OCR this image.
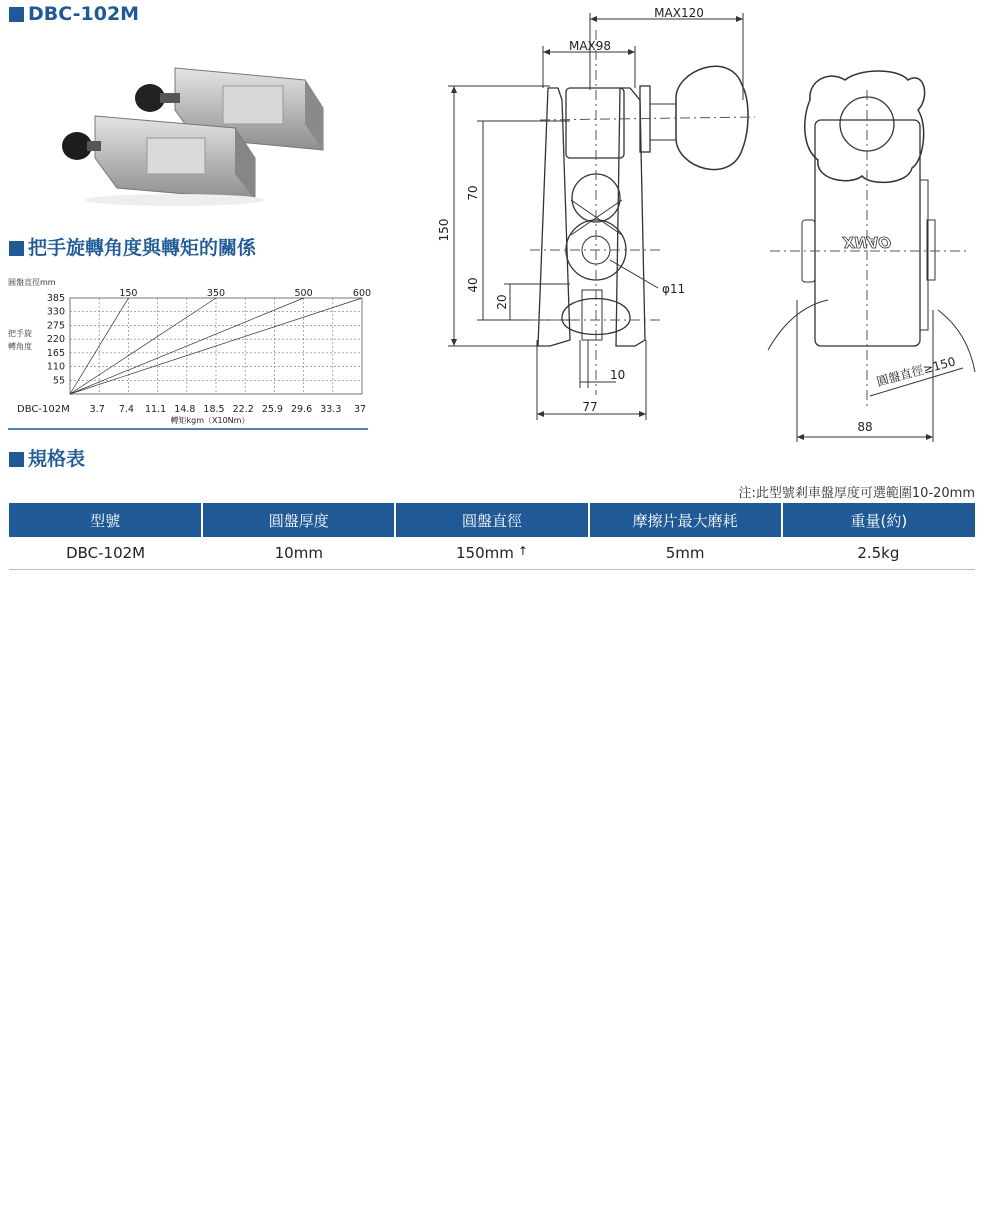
DBC-102M
把手旋轉角度與轉矩的關係
圓盤直徑mm
把手旋
轉角度
385
330
275
220
165
110
55
3.7 7.4 11.1 14.8 18.5 22.2 25.9 29.6 33.3 37
150	350	500	600
DBC-102M
轉矩kgm（X10Nm）
MAX120
MAX98
150
70
40
20
φ11
10
77
88
XNAO
圓盤直徑≥150
規格表
注:此型號剎車盤厚度可選範圍10-20mm
型號	圓盤厚度	圓盤直徑	摩擦片最大磨耗	重量(約)
DBC-102M	10mm	150mm ↑	5mm	2.5kg
